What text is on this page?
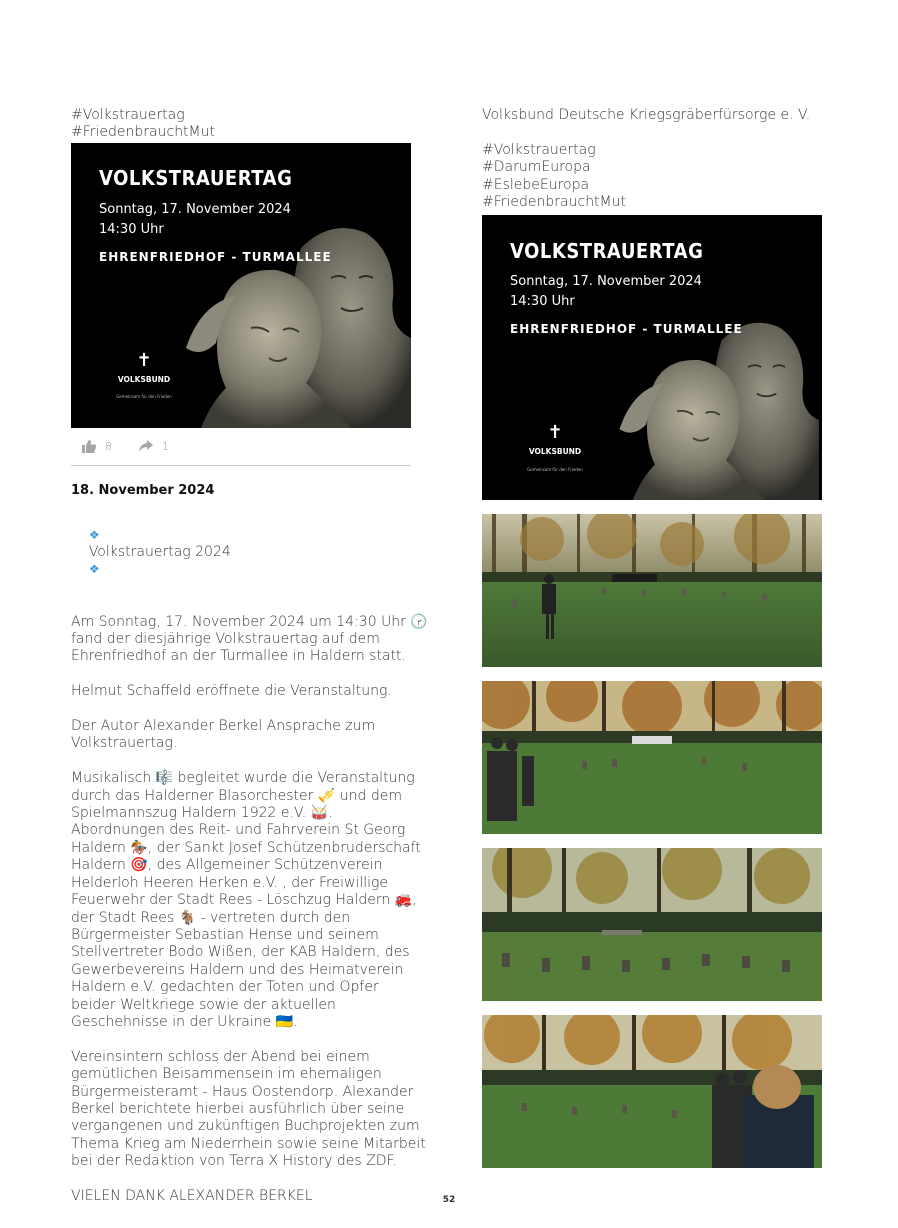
#Volkstrauertag
#FriedenbrauchtMut
VOLKSTRAUERTAG
Sonntag, 17. November 2024
14:30 Uhr
EHRENFRIEDHOF - TURMALLEE
✝
VOLKSBUND
Gemeinsam für den Frieden
8	1
18. November 2024

❖
Volkstrauertag 2024
❖

Am Sonntag, 17. November 2024 um 14:30 Uhr 🕝
fand der diesjährige Volkstrauertag auf dem
Ehrenfriedhof an der Turmallee in Haldern statt.
Helmut Schaffeld eröffnete die Veranstaltung.
Der Autor Alexander Berkel Ansprache zum
Volkstrauertag.
Musikalisch 🎼 begleitet wurde die Veranstaltung
durch das Halderner Blasorchester 🎺 und dem
Spielmannszug Haldern 1922 e.V. 🥁.
Abordnungen des Reit- und Fahrverein St Georg
Haldern 🏇, der Sankt Josef Schützenbruderschaft
Haldern 🎯, des Allgemeiner Schützenverein
Helderloh Heeren Herken e.V. , der Freiwillige
Feuerwehr der Stadt Rees - Löschzug Haldern 🚒,
der Stadt Rees 🐐 - vertreten durch den
Bürgermeister Sebastian Hense und seinem
Stellvertreter Bodo Wißen, der KAB Haldern, des
Gewerbevereins Haldern und des Heimatverein
Haldern e.V. gedachten der Toten und Opfer
beider Weltkriege sowie der aktuellen
Geschehnisse in der Ukraine 🇺🇦.
Vereinsintern schloss der Abend bei einem
gemütlichen Beisammensein im ehemaligen
Bürgermeisteramt - Haus Oostendorp. Alexander
Berkel berichtete hierbei ausführlich über seine
vergangenen und zukünftigen Buchprojekten zum
Thema Krieg am Niederrhein sowie seine Mitarbeit
bei der Redaktion von Terra X History des ZDF.
VIELEN DANK ALEXANDER BERKEL
Volksbund Deutsche Kriegsgräberfürsorge e. V.
#Volkstrauertag
#DarumEuropa
#EslebeEuropa
#FriedenbrauchtMut
VOLKSTRAUERTAG
Sonntag, 17. November 2024
14:30 Uhr
EHRENFRIEDHOF - TURMALLEE
✝
VOLKSBUND
Gemeinsam für den Frieden
52
